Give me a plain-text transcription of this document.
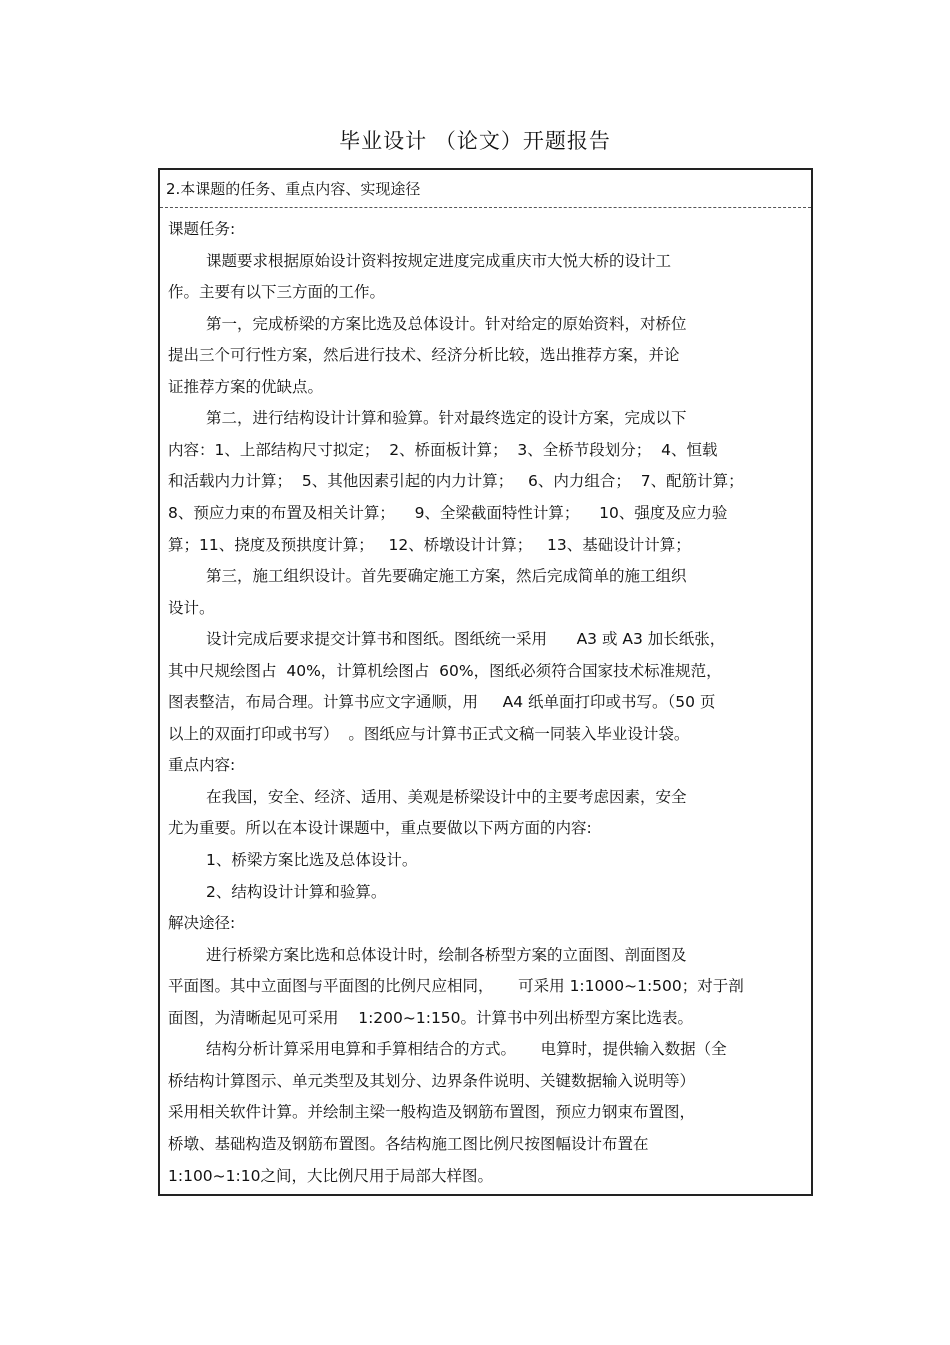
毕业设计 （论文）开题报告
2.本课题的任务、重点内容、实现途径
课题任务:
课题要求根据原始设计资料按规定进度完成重庆市大悦大桥的设计工
作。主要有以下三方面的工作。
第一，完成桥梁的方案比选及总体设计。针对给定的原始资料，对桥位
提出三个可行性方案，然后进行技术、经济分析比较，选出推荐方案，并论
证推荐方案的优缺点。
第二，进行结构设计计算和验算。针对最终选定的设计方案，完成以下
内容：1、上部结构尺寸拟定；  2、桥面板计算；  3、全桥节段划分；  4、恒载
和活载内力计算；  5、其他因素引起的内力计算；   6、内力组合；  7、配筋计算；
8、预应力束的布置及相关计算；    9、全梁截面特性计算；    10、强度及应力验
算；11、挠度及预拱度计算；   12、桥墩设计计算；   13、基础设计计算；
第三，施工组织设计。首先要确定施工方案，然后完成简单的施工组织
设计。
设计完成后要求提交计算书和图纸。图纸统一采用      A3 或 A3 加长纸张，
其中尺规绘图占  40%，计算机绘图占  60%，图纸必须符合国家技术标准规范，
图表整洁，布局合理。计算书应文字通顺，用     A4 纸单面打印或书写。（50 页
以上的双面打印或书写）  。图纸应与计算书正式文稿一同装入毕业设计袋。
重点内容:
在我国，安全、经济、适用、美观是桥梁设计中的主要考虑因素，安全
尤为重要。所以在本设计课题中，重点要做以下两方面的内容:
1、桥梁方案比选及总体设计。
2、结构设计计算和验算。
解决途径:
进行桥梁方案比选和总体设计时，绘制各桥型方案的立面图、剖面图及
平面图。其中立面图与平面图的比例尺应相同，     可采用 1:1000~1:500；对于剖
面图，为清晰起见可采用    1:200~1:150。计算书中列出桥型方案比选表。
结构分析计算采用电算和手算相结合的方式。     电算时，提供输入数据（全
桥结构计算图示、单元类型及其划分、边界条件说明、关键数据输入说明等）
采用相关软件计算。并绘制主梁一般构造及钢筋布置图，预应力钢束布置图，
桥墩、基础构造及钢筋布置图。各结构施工图比例尺按图幅设计布置在
1:100~1:10之间，大比例尺用于局部大样图。
